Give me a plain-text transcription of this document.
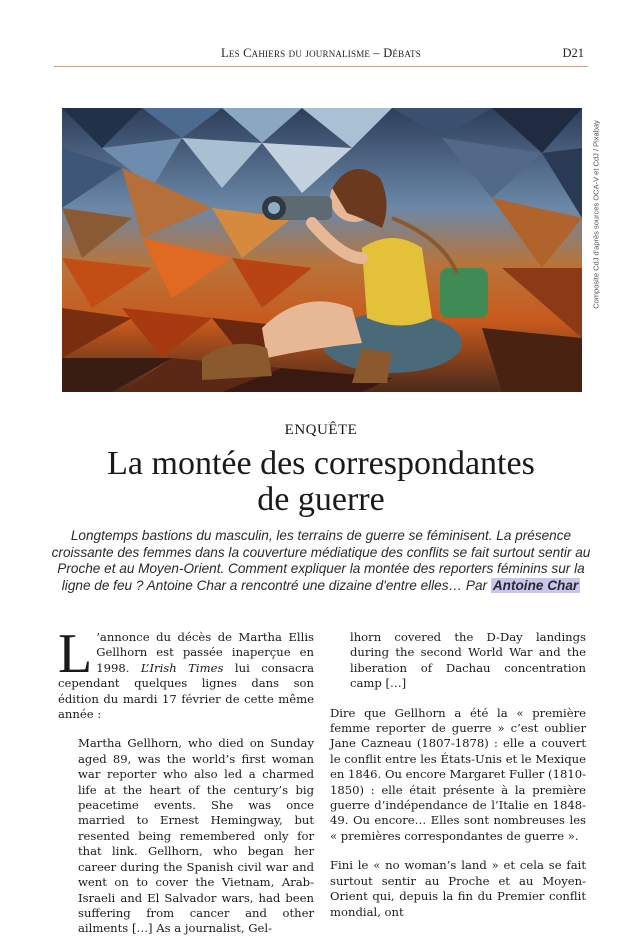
Les Cahiers du journalisme – Débats	D21
Composite CdJ d'après sources OCA-V et CdJ / Pixabay
ENQUÊTE
La montée des correspondantes
de guerre
Longtemps bastions du masculin, les terrains de guerre se féminisent. La présence croissante des femmes dans la couverture médiatique des conflits se fait surtout sentir au Proche et au Moyen-Orient. Comment expliquer la montée des reporters féminins sur la ligne de feu ? Antoine Char a rencontré une dizaine d'entre elles… Par Antoine Char

L ’annonce du décès de Martha Ellis Gellhorn est passée inaperçue en 1998. L’Irish Times lui consacra cependant quelques lignes dans son édition du mardi 17 février de cette même année :

Martha Gellhorn, who died on Sunday aged 89, was the world’s first woman war reporter who also led a charmed life at the heart of the century’s big peacetime events. She was once married to Ernest Hemingway, but resented being remembered only for that link. Gellhorn, who began her career during the Spanish civil war and went on to cover the Vietnam, Arab-Israeli and El Salvador wars, had been suffering from cancer and other ailments […] As a journalist, Gel-

lhorn covered the D-Day landings during the second World War and the liberation of Dachau concentration camp […]

Dire que Gellhorn a été la « première femme reporter de guerre » c’est oublier Jane Cazneau (1807-1878) : elle a couvert le conflit entre les États-Unis et le Mexique en 1846. Ou encore Margaret Fuller (1810-1850) : elle était présente à la première guerre d’indépendance de l’Italie en 1848-49. Ou encore… Elles sont nombreuses les « premières correspondantes de guerre ».

Fini le « no woman’s land » et cela se fait surtout sentir au Proche et au Moyen-Orient qui, depuis la fin du Premier conflit mondial, ont
